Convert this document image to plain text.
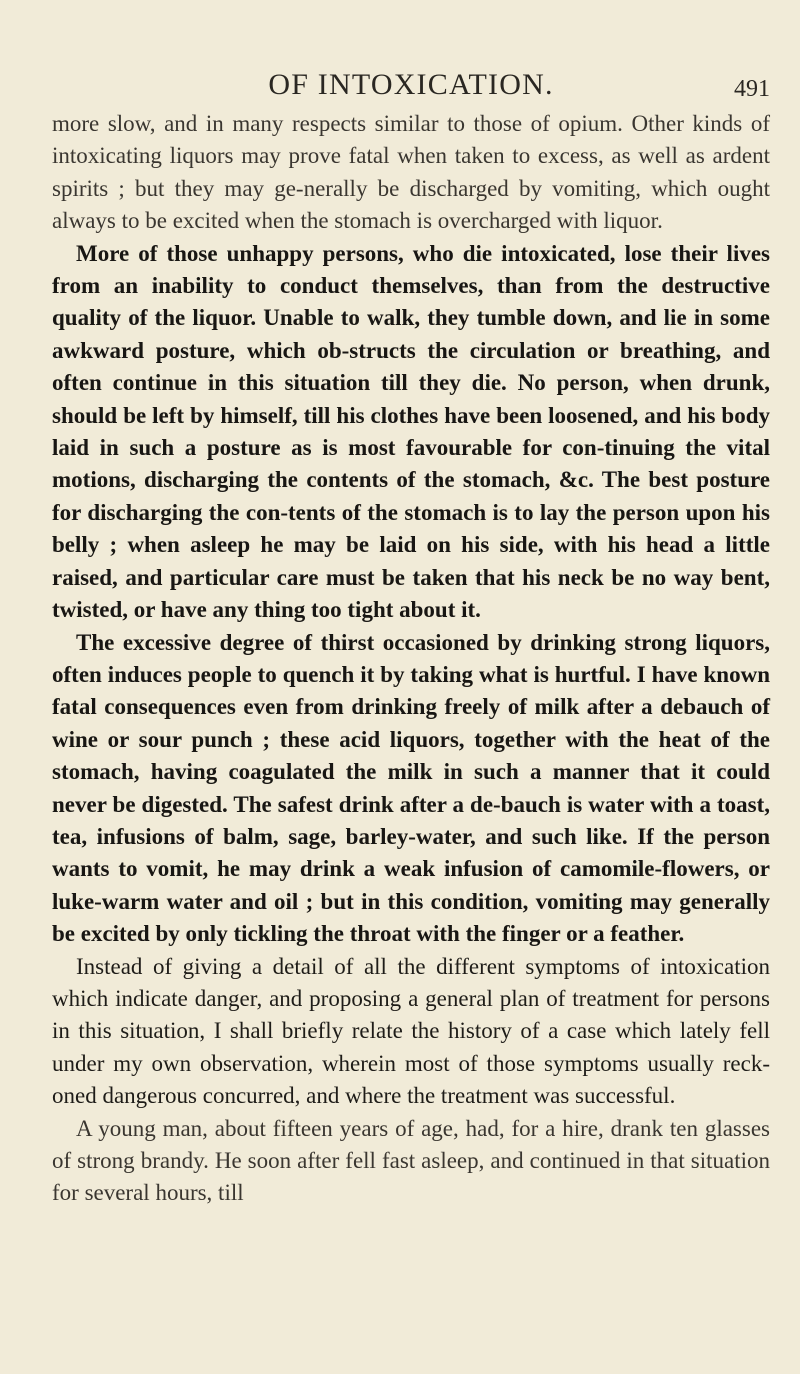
OF INTOXICATION.	491

more slow, and in many respects similar to those of opium. Other kinds of intoxicating liquors may prove fatal when taken to excess, as well as ardent spirits ; but they may ge-nerally be discharged by vomiting, which ought always to be excited when the stomach is overcharged with liquor.

More of those unhappy persons, who die intoxicated, lose their lives from an inability to conduct themselves, than from the destructive quality of the liquor. Unable to walk, they tumble down, and lie in some awkward posture, which ob-structs the circulation or breathing, and often continue in this situation till they die. No person, when drunk, should be left by himself, till his clothes have been loosened, and his body laid in such a posture as is most favourable for con-tinuing the vital motions, discharging the contents of the stomach, &c. The best posture for discharging the con-tents of the stomach is to lay the person upon his belly ; when asleep he may be laid on his side, with his head a little raised, and particular care must be taken that his neck be no way bent, twisted, or have any thing too tight about it.

The excessive degree of thirst occasioned by drinking strong liquors, often induces people to quench it by taking what is hurtful. I have known fatal consequences even from drinking freely of milk after a debauch of wine or sour punch ; these acid liquors, together with the heat of the stomach, having coagulated the milk in such a manner that it could never be digested. The safest drink after a de-bauch is water with a toast, tea, infusions of balm, sage, barley-water, and such like. If the person wants to vomit, he may drink a weak infusion of camomile-flowers, or luke-warm water and oil ; but in this condition, vomiting may generally be excited by only tickling the throat with the finger or a feather.

Instead of giving a detail of all the different symptoms of intoxication which indicate danger, and proposing a general plan of treatment for persons in this situation, I shall briefly relate the history of a case which lately fell under my own observation, wherein most of those symptoms usually reck-oned dangerous concurred, and where the treatment was successful.

A young man, about fifteen years of age, had, for a hire, drank ten glasses of strong brandy. He soon after fell fast asleep, and continued in that situation for several hours, till
